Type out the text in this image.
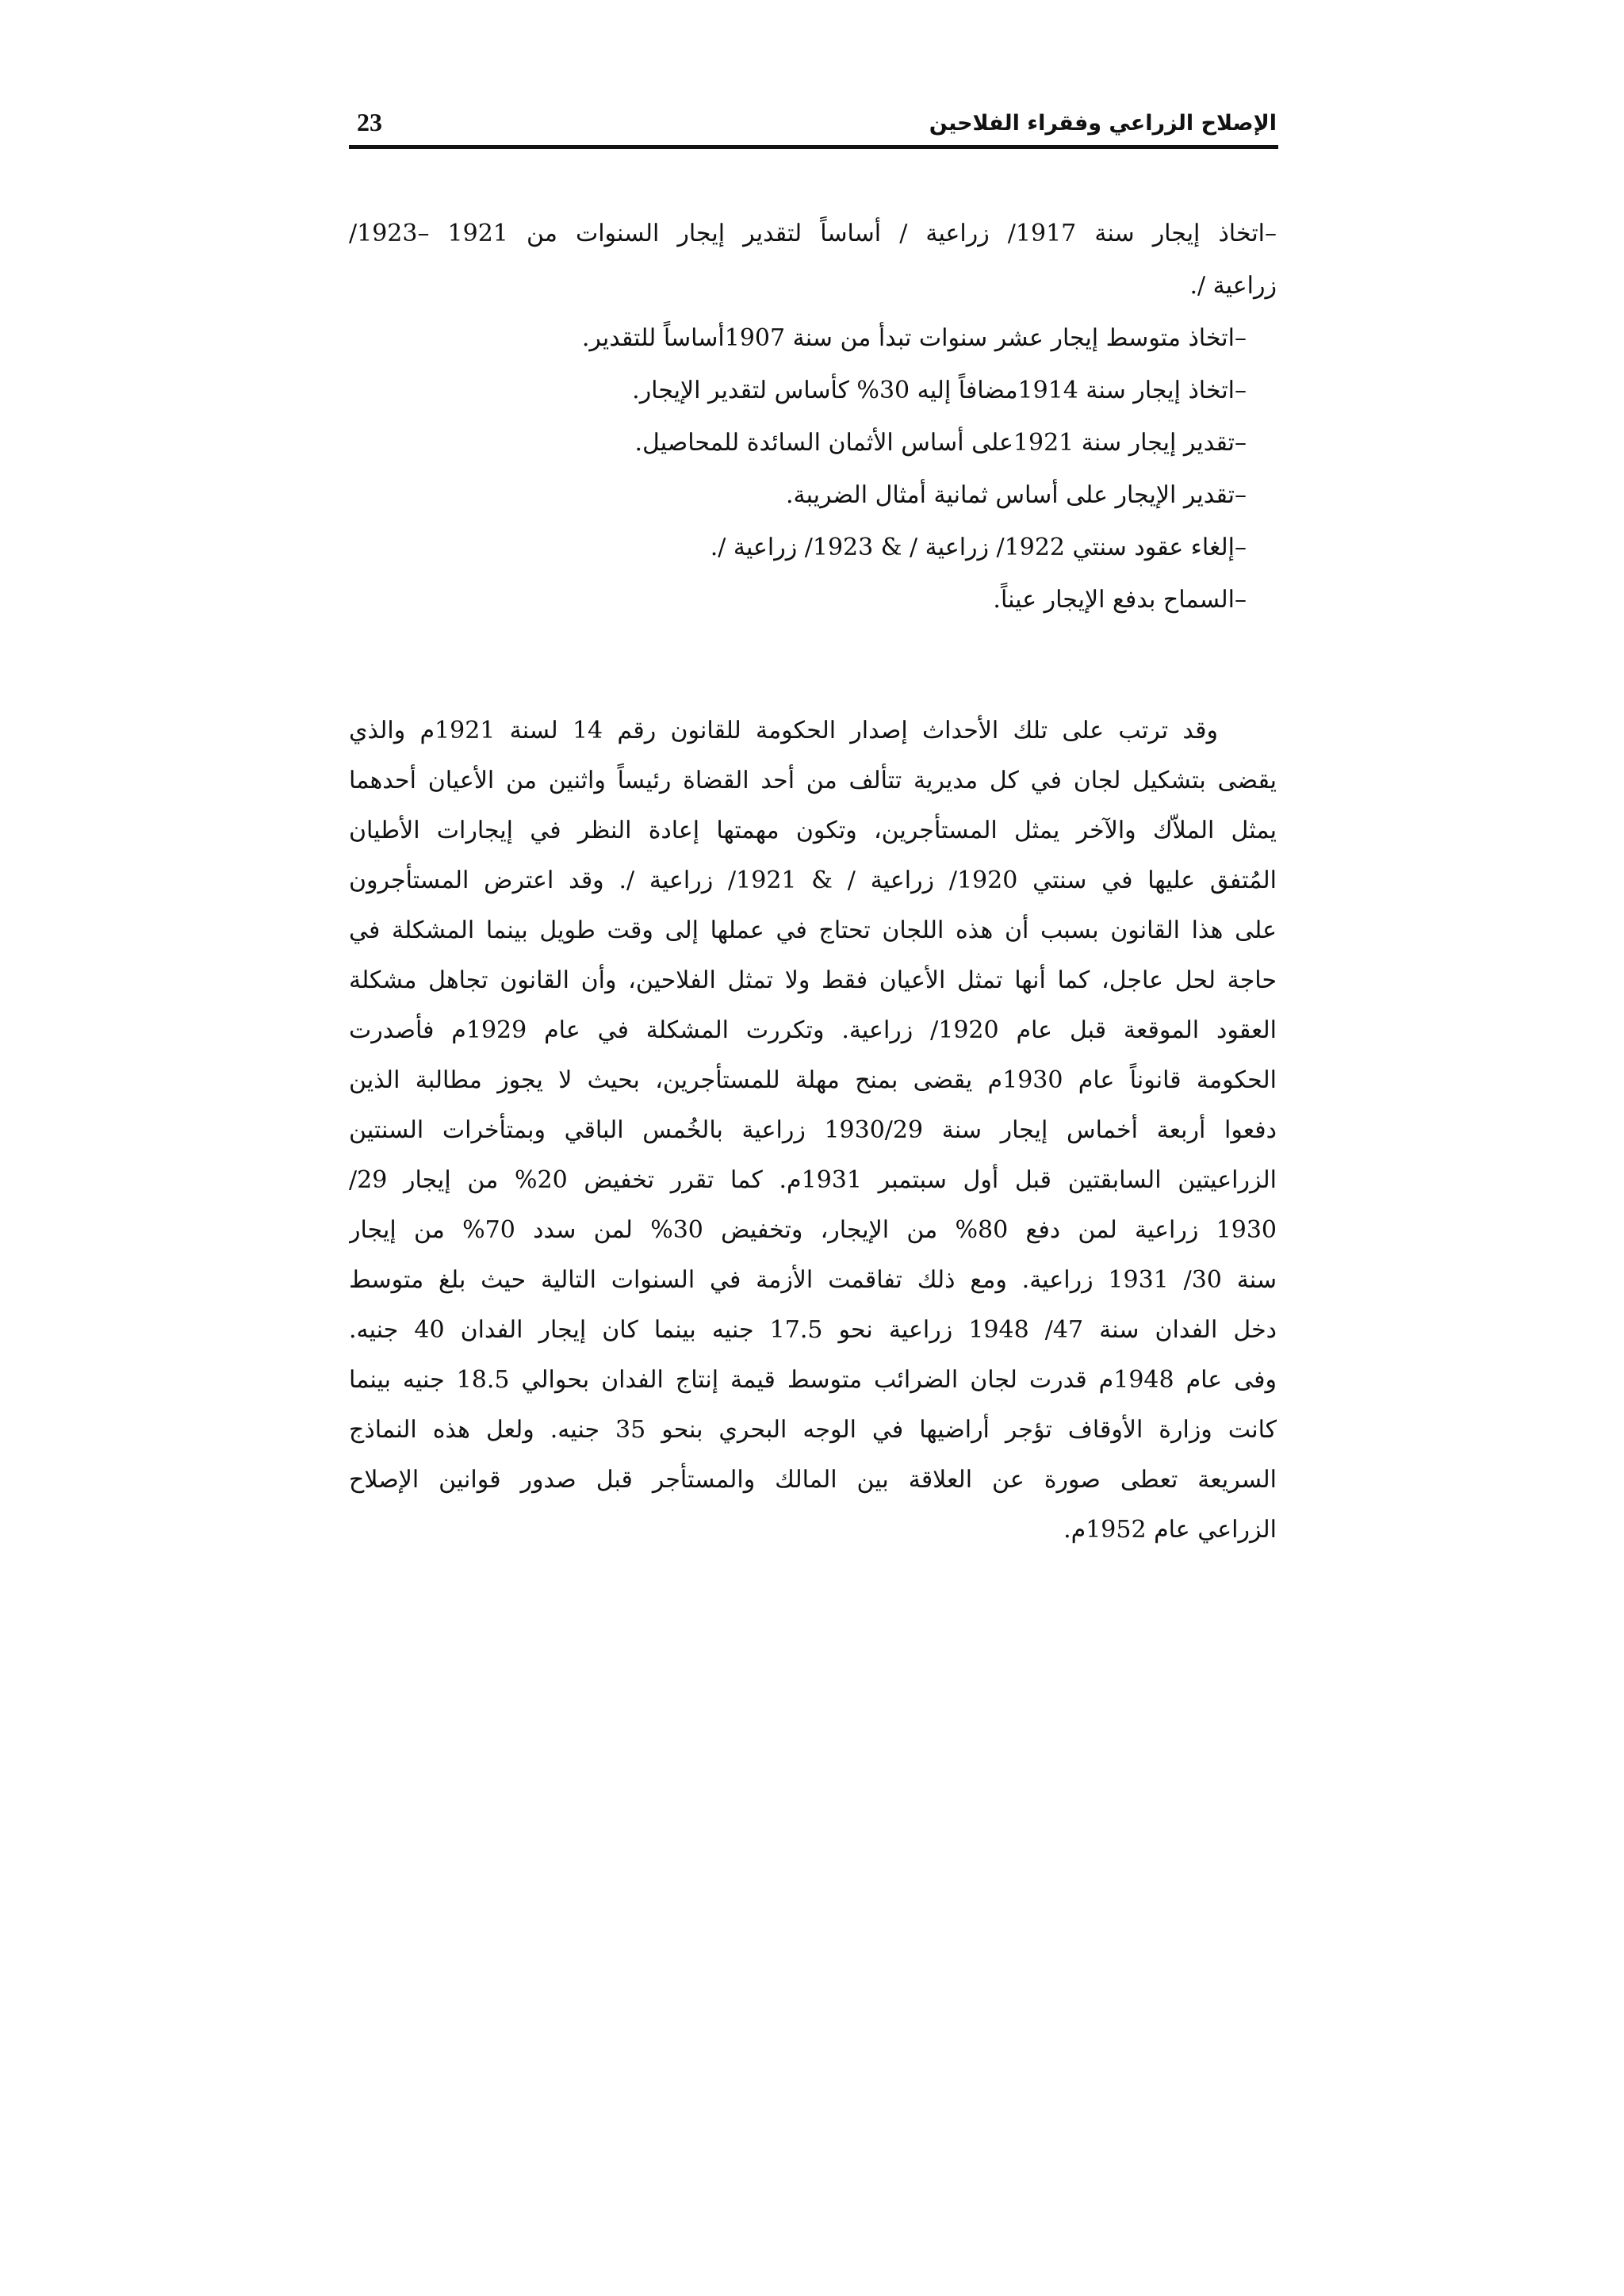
الإصلاح الزراعي وفقراء الفلاحين
23
–اتخاذ إيجار سنة 1917/ زراعية / أساساً لتقدير إيجار السنوات من 1921 –1923/
زراعية /.
–اتخاذ متوسط إيجار عشر سنوات تبدأ من سنة 1907أساساً للتقدير.
–اتخاذ إيجار سنة 1914مضافاً إليه 30% كأساس لتقدير الإيجار.
–تقدير إيجار سنة 1921على أساس الأثمان السائدة للمحاصيل.
–تقدير الإيجار على أساس ثمانية أمثال الضريبة.
–إلغاء عقود سنتي 1922/ زراعية / & 1923/ زراعية /.
–السماح بدفع الإيجار عيناً.
وقد ترتب على تلك الأحداث إصدار الحكومة للقانون رقم 14 لسنة 1921م والذي
يقضى بتشكيل لجان في كل مديرية تتألف من أحد القضاة رئيساً واثنين من الأعيان أحدهما
يمثل الملاّك والآخر يمثل المستأجرين، وتكون مهمتها إعادة النظر في إيجارات الأطيان
المُتفق عليها في سنتي 1920/ زراعية / & 1921/ زراعية /. وقد اعترض المستأجرون
على هذا القانون بسبب أن هذه اللجان تحتاج في عملها إلى وقت طويل بينما المشكلة في
حاجة لحل عاجل، كما أنها تمثل الأعيان فقط ولا تمثل الفلاحين، وأن القانون تجاهل مشكلة
العقود الموقعة قبل عام 1920/ زراعية. وتكررت المشكلة في عام 1929م فأصدرت
الحكومة قانوناً عام 1930م يقضى بمنح مهلة للمستأجرين، بحيث لا يجوز مطالبة الذين
دفعوا أربعة أخماس إيجار سنة 1930/29 زراعية بالخُمس الباقي وبمتأخرات السنتين
الزراعيتين السابقتين قبل أول سبتمبر 1931م. كما تقرر تخفيض 20% من إيجار 29/
1930 زراعية لمن دفع 80% من الإيجار، وتخفيض 30% لمن سدد 70% من إيجار
سنة 30/ 1931 زراعية. ومع ذلك تفاقمت الأزمة في السنوات التالية حيث بلغ متوسط
دخل الفدان سنة 47/ 1948 زراعية نحو 17.5 جنيه بينما كان إيجار الفدان 40 جنيه.
وفى عام 1948م قدرت لجان الضرائب متوسط قيمة إنتاج الفدان بحوالي 18.5 جنيه بينما
كانت وزارة الأوقاف تؤجر أراضيها في الوجه البحري بنحو 35 جنيه. ولعل هذه النماذج
السريعة تعطى صورة عن العلاقة بين المالك والمستأجر قبل صدور قوانين الإصلاح
الزراعي عام 1952م.
